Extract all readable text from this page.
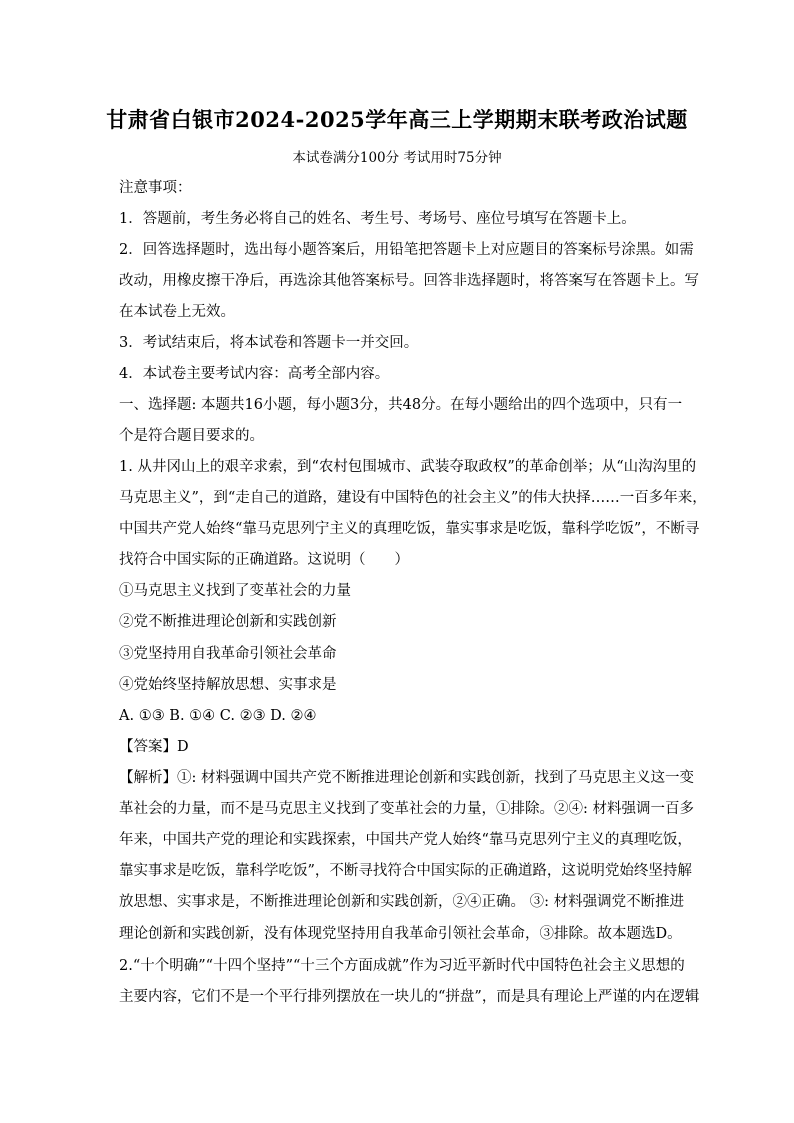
甘肃省白银市2024-2025学年高三上学期期末联考政治试题
本试卷满分100分 考试用时75分钟
注意事项：
1．答题前，考生务必将自己的姓名、考生号、考场号、座位号填写在答题卡上。
2．回答选择题时，选出每小题答案后，用铅笔把答题卡上对应题目的答案标号涂黑。如需
改动，用橡皮擦干净后，再选涂其他答案标号。回答非选择题时，将答案写在答题卡上。写
在本试卷上无效。
3．考试结束后，将本试卷和答题卡一并交回。
4．本试卷主要考试内容：高考全部内容。
一、选择题: 本题共16小题，每小题3分，共48分。在每小题给出的四个选项中，只有一
个是符合题目要求的。
1. 从井冈山上的艰辛求索，到“农村包围城市、武装夺取政权”的革命创举；从“山沟沟里的
马克思主义”，到“走自己的道路，建设有中国特色的社会主义”的伟大抉择……一百多年来，
中国共产党人始终“靠马克思列宁主义的真理吃饭，靠实事求是吃饭，靠科学吃饭”，不断寻
找符合中国实际的正确道路。这说明（　　）
①马克思主义找到了变革社会的力量
②党不断推进理论创新和实践创新
③党坚持用自我革命引领社会革命
④党始终坚持解放思想、实事求是
A. ①③ B. ①④ C. ②③ D. ②④
【答案】D
【解析】①: 材料强调中国共产党不断推进理论创新和实践创新，找到了马克思主义这一变
革社会的力量，而不是马克思主义找到了变革社会的力量，①排除。②④: 材料强调一百多
年来，中国共产党的理论和实践探索，中国共产党人始终“靠马克思列宁主义的真理吃饭，
靠实事求是吃饭，靠科学吃饭”，不断寻找符合中国实际的正确道路，这说明党始终坚持解
放思想、实事求是，不断推进理论创新和实践创新，②④正确。 ③: 材料强调党不断推进
理论创新和实践创新，没有体现党坚持用自我革命引领社会革命，③排除。故本题选D。
2.“十个明确”“十四个坚持”“十三个方面成就”作为习近平新时代中国特色社会主义思想的
主要内容，它们不是一个平行排列摆放在一块儿的“拼盘”，而是具有理论上严谨的内在逻辑
